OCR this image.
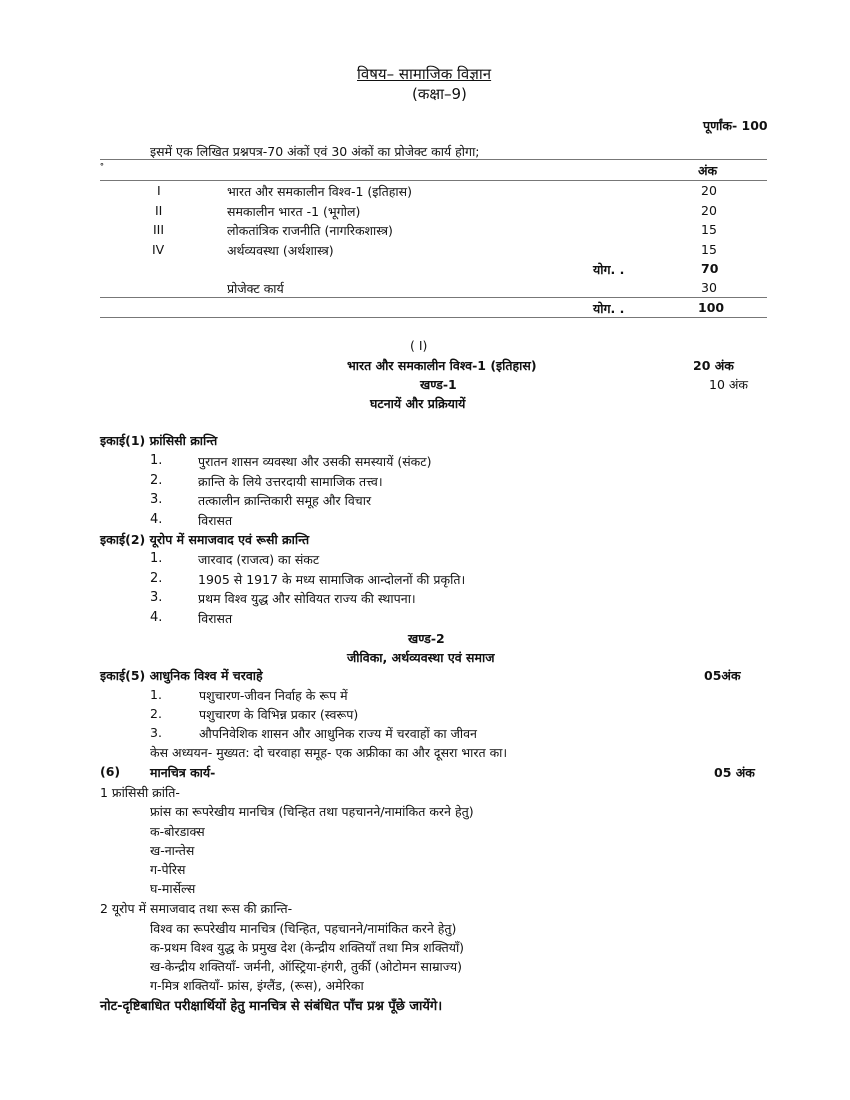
विषय– सामाजिक विज्ञान
(कक्षा–9)
पूर्णांक- 100
इसमें एक लिखित प्रश्नपत्र-70 अंकों एवं 30 अंकों का प्रोजेक्ट कार्य होगा;
॰	अंक
I	भारत और समकालीन विश्व-1 (इतिहास)	20
II	समकालीन भारत -1 (भूगोल)	20
III	लोकतांत्रिक राजनीति (नागरिकशास्त्र)	15
IV	अर्थव्यवस्था (अर्थशास्त्र)	15
योग. .	70
प्रोजेक्ट कार्य	30
योग. .	100
( I)
भारत और समकालीन विश्व-1 (इतिहास)	20 अंक
खण्ड-1	10 अंक
घटनायें और प्रक्रियायें
इकाई(1) फ्रांसिसी क्रान्ति
1.	पुरातन शासन व्यवस्था और उसकी समस्यायें (संकट)
2.	क्रान्ति के लिये उत्तरदायी सामाजिक तत्त्व।
3.	तत्कालीन क्रान्तिकारी समूह और विचार
4.	विरासत
इकाई(2) यूरोप में समाजवाद एवं रूसी क्रान्ति
1.	जारवाद (राजत्व) का संकट
2.	1905 से 1917 के मध्य सामाजिक आन्दोलनों की प्रकृति।
3.	प्रथम विश्व युद्ध और सोवियत राज्य की स्थापना।
4.	विरासत
खण्ड-2
जीविका, अर्थव्यवस्था एवं समाज
इकाई(5) आधुनिक विश्व में चरवाहे	05अंक
1.	पशुचारण-जीवन निर्वाह के रूप में
2.	पशुचारण के विभिन्न प्रकार (स्वरूप)
3.	औपनिवेशिक शासन और आधुनिक राज्य में चरवाहों का जीवन
केस अध्ययन- मुख्यत: दो चरवाहा समूह- एक अफ्रीका का और दूसरा भारत का।
(6) मानचित्र कार्य-	05 अंक
1 फ्रांसिसी क्रांति-
फ्रांस का रूपरेखीय मानचित्र (चिन्हित तथा पहचानने/नामांकित करने हेतु)
क-बोरडाक्स
ख-नान्तेस
ग-पेरिस
घ-मार्सेल्स
2 यूरोप में समाजवाद तथा रूस की क्रान्ति-
विश्व का रूपरेखीय मानचित्र (चिन्हित, पहचानने/नामांकित करने हेतु)
क-प्रथम विश्व युद्ध के प्रमुख देश (केन्द्रीय शक्तियाँ तथा मित्र शक्तियाँ)
ख-केन्द्रीय शक्तियाँ- जर्मनी, ऑस्ट्रिया-हंगरी, तुर्की (ओटोमन साम्राज्य)
ग-मित्र शक्तियाँ- फ्रांस, इंग्लैंड, (रूस), अमेरिका
नोट-दृष्टिबाधित परीक्षार्थियों हेतु मानचित्र से संबंधित पाँच प्रश्न पूँछे जायेंगे।
